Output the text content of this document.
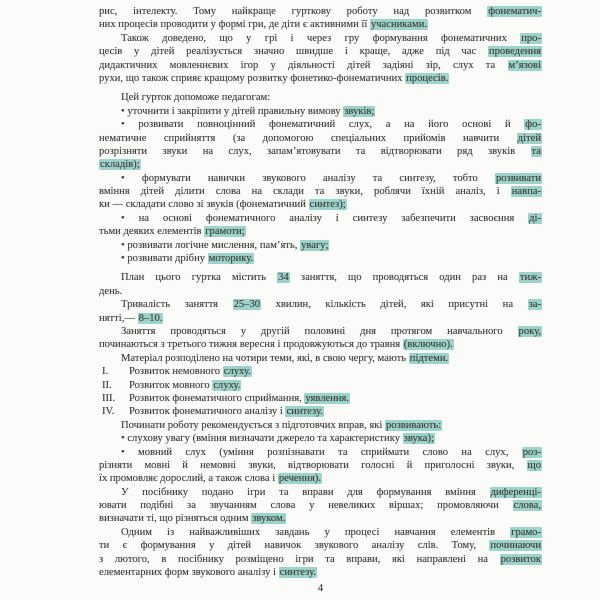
рис, інтелекту. Тому найкраще гурткову роботу над розвитком фонематич-
них процесів проводити у формі гри, де діти є активними її учасниками.
Також доведено, що у грі і через гру формування фонематичних про-
цесів у дітей реалізується значно швидше і краще, адже під час проведення
дидактичних мовленнєвих ігор у діяльності дітей задіяні зір, слух та м’язові
рухи, що також сприяє кращому розвитку фонетико-фонематичних процесів.
Цей гурток допоможе педагогам:
• уточнити і закріпити у дітей правильну вимову звуків;
• розвивати повноцінний фонематичний слух, а на його основі й фо-
нематичне сприйняття (за допомогою спеціальних прийомів навчити дітей
розрізняти звуки на слух, запам’ятовувати та відтворювати ряд звуків та
складів);
• формувати навички звукового аналізу та синтезу, тобто розвивати
вміння дітей ділити слова на склади та звуки, роблячи їхній аналіз, і навпа-
ки — складати слово зі звуків (фонематичний синтез);
• на основі фонематичного аналізу і синтезу забезпечити засвоєння ді-
тьми деяких елементів грамоти;
• розвивати логічне мислення, пам’ять, увагу;
• розвивати дрібну моторику.
План цього гуртка містить 34 заняття, що проводяться один раз на тиж-
день.
Тривалість заняття 25–30 хвилин, кількість дітей, які присутні на за-
нятті,— 8–10.
Заняття проводяться у другій половині дня протягом навчального року,
починаються з третього тижня вересня і продовжуються до травня (включно).
Матеріал розподілено на чотири теми, які, в свою чергу, мають підтеми.
I. Розвиток немовного слуху.
II. Розвиток мовного слуху.
III. Розвиток фонематичного сприймання, уявлення.
IV. Розвиток фонематичного аналізу і синтезу.
Починати роботу рекомендується з підготовчих вправ, які розвивають:
• слухову увагу (вміння визначати джерело та характеристику звука);
• мовний слух (уміння розпізнавати та сприймати слово на слух, роз-
різняти мовні й немовні звуки, відтворювати голосні й приголосні звуки, що
їх промовляє дорослий, а також слова і речення).
У посібнику подано ігри та вправи для формування вміння диференці-
ювати подібні за звучанням слова у невеликих віршах; промовляючи слова,
визначати ті, що різняться одним звуком.
Одним із найважливіших завдань у процесі навчання елементів грамо-
ти є формування у дітей навичок звукового аналізу слів. Тому, починаючи
з лютого, в посібнику розміщено ігри та вправи, які направлені на розвиток
елементарних форм звукового аналізу і синтезу.
4
